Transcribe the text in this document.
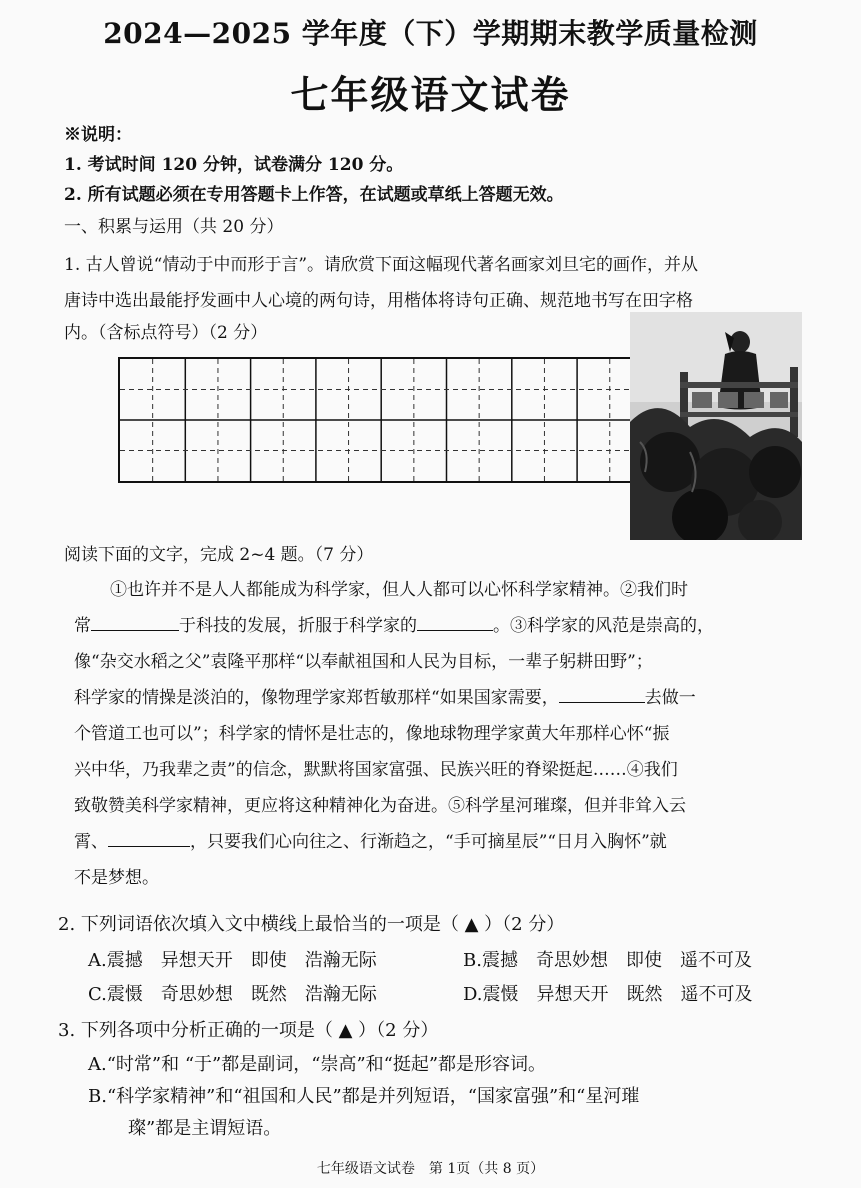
2024—2025 学年度（下）学期期末教学质量检测
七年级语文试卷
※说明：
1. 考试时间 120 分钟，试卷满分 120 分。
2. 所有试题必须在专用答题卡上作答，在试题或草纸上答题无效。
一、积累与运用（共 20 分）
1. 古人曾说“情动于中而形于言”。请欣赏下面这幅现代著名画家刘旦宅的画作，并从
唐诗中选出最能抒发画中人心境的两句诗，用楷体将诗句正确、规范地书写在田字格
内。（含标点符号）（2 分）
阅读下面的文字，完成 2~4 题。（7 分）

①也许并不是人人都能成为科学家，但人人都可以心怀科学家精神。②我们时

常	于科技的发展，折服于科学家的	。③科学家的风范是崇高的，

像“杂交水稻之父”袁隆平那样“以奉献祖国和人民为目标，一辈子躬耕田野”；

科学家的情操是淡泊的，像物理学家郑哲敏那样“如果国家需要，	去做一

个管道工也可以”；科学家的情怀是壮志的，像地球物理学家黄大年那样心怀“振

兴中华，乃我辈之责”的信念，默默将国家富强、民族兴旺的脊梁挺起……④我们

致敬赞美科学家精神，更应将这种精神化为奋进。⑤科学星河璀璨，但并非耸入云

霄、	，只要我们心向往之、行渐趋之，“手可摘星辰”“日月入胸怀”就

不是梦想。

2. 下列词语依次填入文中横线上最恰当的一项是（ ▲ ）（2 分）
A.震撼　异想天开　即使　浩瀚无际	B.震撼　奇思妙想　即使　遥不可及
C.震慑　奇思妙想　既然　浩瀚无际	D.震慑　异想天开　既然　遥不可及
3. 下列各项中分析正确的一项是（ ▲ ）（2 分）
A.“时常”和 “于”都是副词，“崇高”和“挺起”都是形容词。
B.“科学家精神”和“祖国和人民”都是并列短语，“国家富强”和“星河璀
璨”都是主谓短语。
七年级语文试卷　第 1页（共 8 页）
